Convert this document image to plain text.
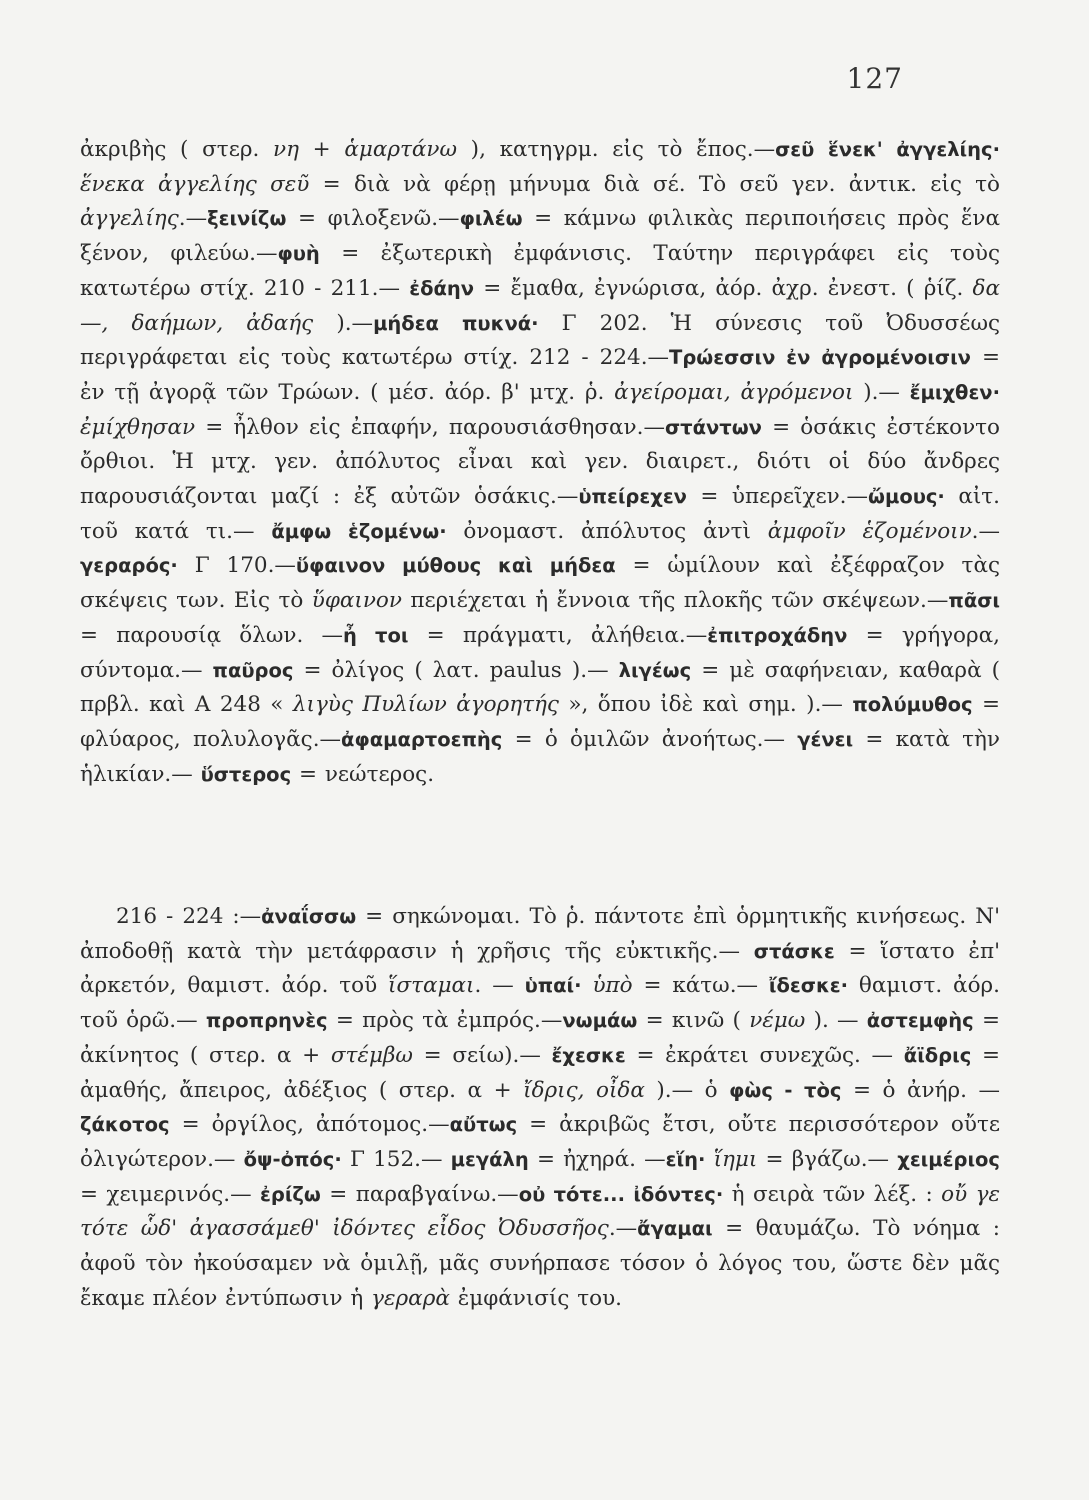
127
ἀκριβὴς ( στερ. νη + ἁμαρτάνω ), κατηγρμ. εἰς τὸ ἔπος.—σεῦ ἕνεκ' ἀγγελίης· ἕνεκα ἀγγελίης σεῦ = διὰ νὰ φέρῃ μήνυμα διὰ σέ. Τὸ σεῦ γεν. ἀντικ. εἰς τὸ ἀγγελίης.—ξεινίζω = φιλοξενῶ.—φιλέω = κάμνω φιλικὰς περιποιήσεις πρὸς ἕνα ξένον, φιλεύω.—φυὴ = ἐξωτερικὴ ἐμφάνισις. Ταύτην περιγράφει εἰς τοὺς κατωτέρω στίχ. 210 - 211.— ἐδάην = ἔμαθα, ἐγνώρισα, ἀόρ. ἀχρ. ἐνεστ. ( ῥίζ. δα—, δαήμων, ἀδαής ).—μήδεα πυκνά· Γ 202. Ἡ σύνεσις τοῦ Ὀδυσσέως περιγράφεται εἰς τοὺς κατωτέρω στίχ. 212 - 224.—Τρώεσσιν ἐν ἀγρομένοισιν = ἐν τῇ ἀγορᾷ τῶν Τρώων. ( μέσ. ἀόρ. β' μτχ. ῥ. ἀγείρομαι, ἀγρόμενοι ).— ἔμιχθεν· ἐμίχθησαν = ἦλθον εἰς ἐπαφήν, παρουσιάσθησαν.—στάντων = ὁσάκις ἐστέκοντο ὄρθιοι. Ἡ μτχ. γεν. ἀπόλυτος εἶναι καὶ γεν. διαιρετ., διότι οἱ δύο ἄνδρες παρουσιάζονται μαζί : ἐξ αὐτῶν ὁσάκις.—ὑπείρεχεν = ὑπερεῖχεν.—ὤμους· αἰτ. τοῦ κατά τι.— ἄμφω ἑζομένω· ὀνομαστ. ἀπόλυτος ἀντὶ ἀμφοῖν ἑζομένοιν.—γεραρός· Γ 170.—ὕφαινον μύθους καὶ μήδεα = ὡμίλουν καὶ ἐξέφραζον τὰς σκέψεις των. Εἰς τὸ ὕφαινον περιέχεται ἡ ἔννοια τῆς πλοκῆς τῶν σκέψεων.—πᾶσι = παρουσίᾳ ὅλων. —ἦ τοι = πράγματι, ἀλήθεια.—ἐπιτροχάδην = γρήγορα, σύντομα.— παῦρος = ὀλίγος ( λατ. paulus ).— λιγέως = μὲ σαφήνειαν, καθαρὰ ( πρβλ. καὶ Α 248 « λιγὺς Πυλίων ἀγορητής », ὅπου ἰδὲ καὶ σημ. ).— πολύμυθος = φλύαρος, πολυλογᾶς.—ἀφαμαρτοεπὴς = ὁ ὁμιλῶν ἀνοήτως.— γένει = κατὰ τὴν ἡλικίαν.— ὕστερος = νεώτερος.
216 - 224 :—ἀναΐσσω = σηκώνομαι. Τὸ ῥ. πάντοτε ἐπὶ ὁρμητικῆς κινήσεως. Ν' ἀποδοθῇ κατὰ τὴν μετάφρασιν ἡ χρῆσις τῆς εὐκτικῆς.— στάσκε = ἵστατο ἐπ' ἀρκετόν, θαμιστ. ἀόρ. τοῦ ἵσταμαι. — ὑπαί· ὑπὸ = κάτω.— ἴδεσκε· θαμιστ. ἀόρ. τοῦ ὁρῶ.— προπρηνὲς = πρὸς τὰ ἐμπρός.—νωμάω = κινῶ ( νέμω ). — ἀστεμφὴς = ἀκίνητος ( στερ. α + στέμβω = σείω).— ἔχεσκε = ἐκράτει συνεχῶς. — ἄϊδρις = ἀμαθής, ἄπειρος, ἀδέξιος ( στερ. α + ἴδρις, οἶδα ).— ὁ φὼς - τὸς = ὁ ἀνήρ. — ζάκοτος = ὀργίλος, ἀπότομος.—αὔτως = ἀκριβῶς ἔτσι, οὔτε περισσότερον οὔτε ὀλιγώτερον.— ὄψ-ὀπός· Γ 152.— μεγάλη = ἠχηρά. —εἵη· ἵημι = βγάζω.— χειμέριος = χειμερινός.— ἐρίζω = παραβγαίνω.—οὐ τότε... ἰδόντες· ἡ σειρὰ τῶν λέξ. : οὔ γε τότε ὧδ' ἀγασσάμεθ' ἰδόντες εἶδος Ὀδυσσῆος.—ἄγαμαι = θαυμάζω. Τὸ νόημα : ἀφοῦ τὸν ἠκούσαμεν νὰ ὁμιλῇ, μᾶς συνήρπασε τόσον ὁ λόγος του, ὥστε δὲν μᾶς ἔκαμε πλέον ἐντύπωσιν ἡ γεραρὰ ἐμφάνισίς του.
